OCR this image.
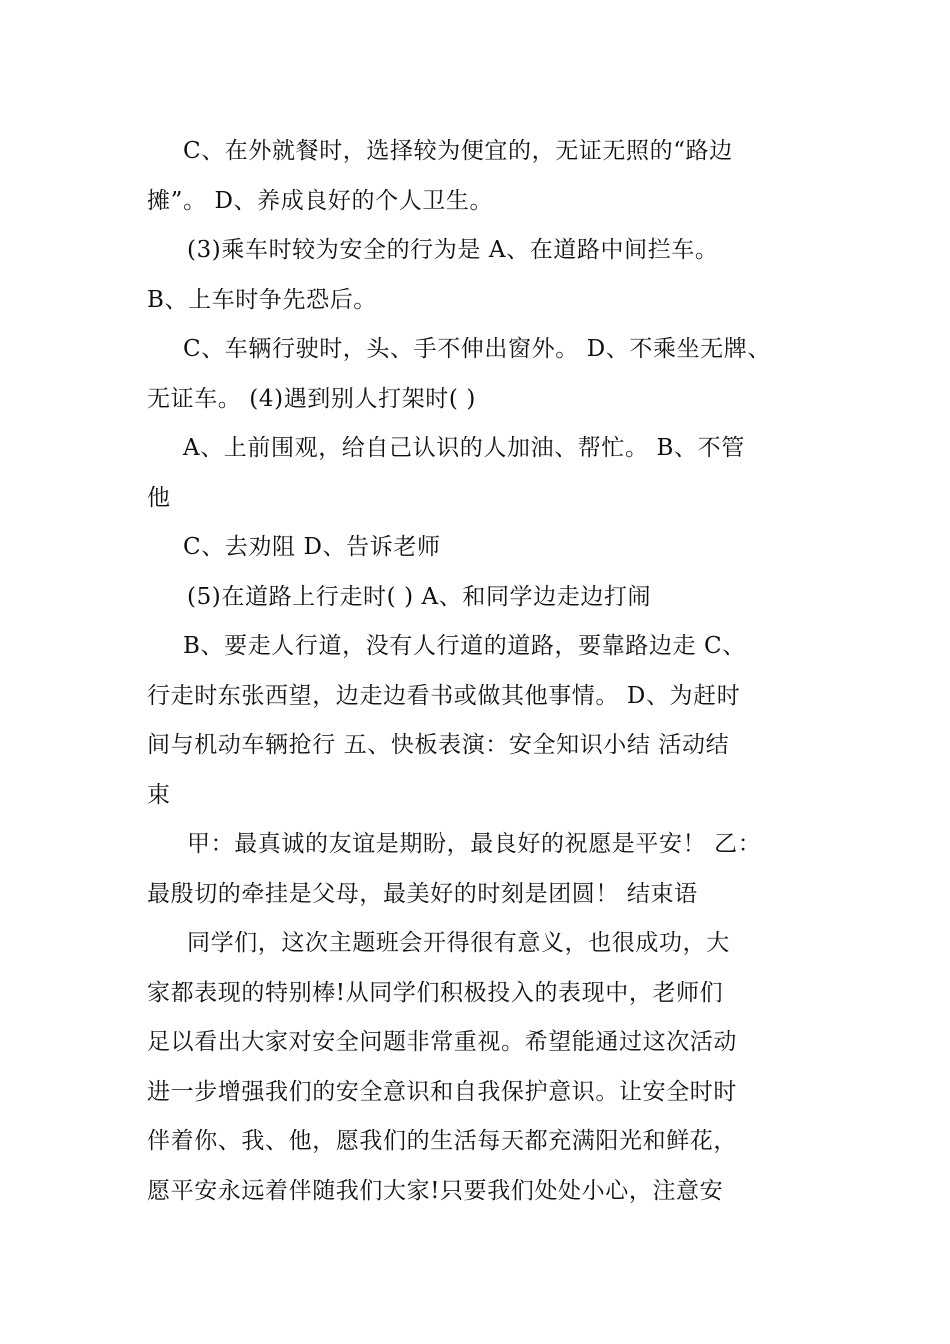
C、在外就餐时，选择较为便宜的，无证无照的“路边
摊”。 D、养成良好的个人卫生。
(3)乘车时较为安全的行为是 A、在道路中间拦车。
B、上车时争先恐后。
C、车辆行驶时，头、手不伸出窗外。 D、不乘坐无牌、
无证车。 (4)遇到别人打架时( )
A、上前围观，给自己认识的人加油、帮忙。 B、不管
他
C、去劝阻 D、告诉老师
(5)在道路上行走时( ) A、和同学边走边打闹
B、要走人行道，没有人行道的道路，要靠路边走 C、
行走时东张西望，边走边看书或做其他事情。 D、为赶时
间与机动车辆抢行 五、快板表演：安全知识小结 活动结
束
甲：最真诚的友谊是期盼，最良好的祝愿是平安！ 乙：
最殷切的牵挂是父母，最美好的时刻是团圆！ 结束语
同学们，这次主题班会开得很有意义，也很成功，大
家都表现的特别棒!从同学们积极投入的表现中，老师们
足以看出大家对安全问题非常重视。希望能通过这次活动
进一步增强我们的安全意识和自我保护意识。让安全时时
伴着你、我、他，愿我们的生活每天都充满阳光和鲜花，
愿平安永远着伴随我们大家!只要我们处处小心，注意安
